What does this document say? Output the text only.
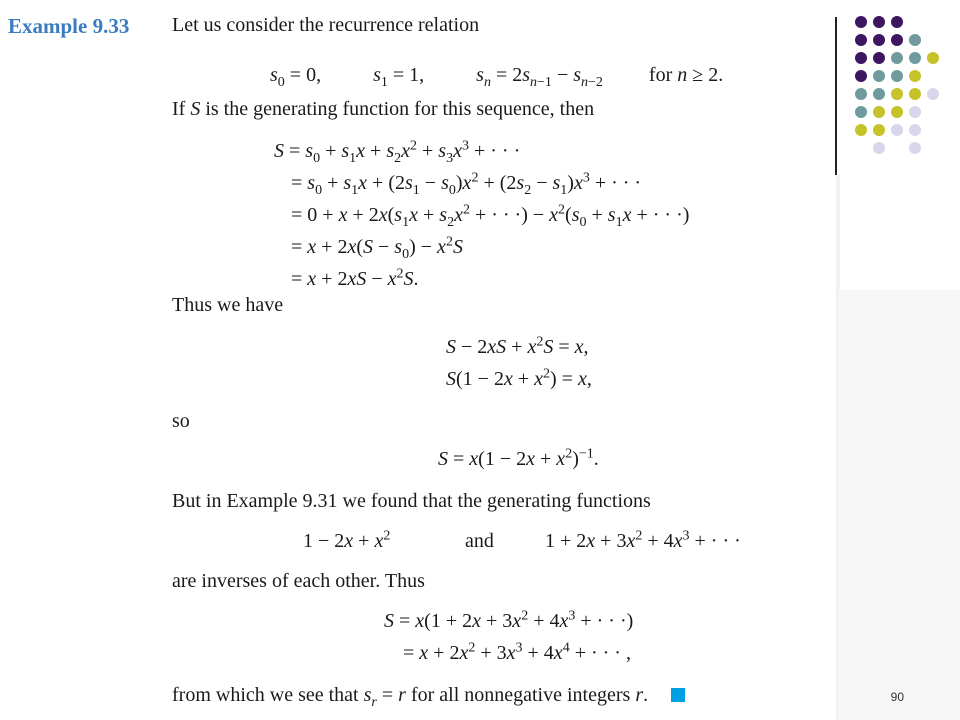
Example 9.33 Let us consider the recurrence relation
$s_0 = 0$,	$s_1 = 1$,	$s_n = 2s_{n-1} - s_{n-2}$  for n ≥ 2.
If S is the generating function for this sequence, then
$S = s_0 + s_1x + s_2x^2 + s_3x^3$ + · · ·
= $s_0 + s_1x + (2s_1 - s_0)x^2 + (2s_2 - s_1)x^3$ + · · ·
= $0 + x + 2x(s_1x + s_2x^2$ + · · ·) − $x^2(s_0 + s_1x$ + · · ·)
= $x + 2x(S - s_0) - x^2S$
= $x + 2xS - x^2S$.
Thus we have
$S - 2xS + x^2S = x$,
$S(1 - 2x + x^2) = x$,
so
$S = x(1 - 2x + x^2)^{-1}$.
But in Example 9.31 we found that the generating functions
$1 - 2x + x^2$	and	$1 + 2x + 3x^2 + 4x^3$ + · · ·
are inverses of each other. Thus
$S = x(1 + 2x + 3x^2 + 4x^3$ + · · ·)
= $x + 2x^2 + 3x^3 + 4x^4$ + · · · ,
from which we see that $s_r = r$ for all nonnegative integers r.	90
